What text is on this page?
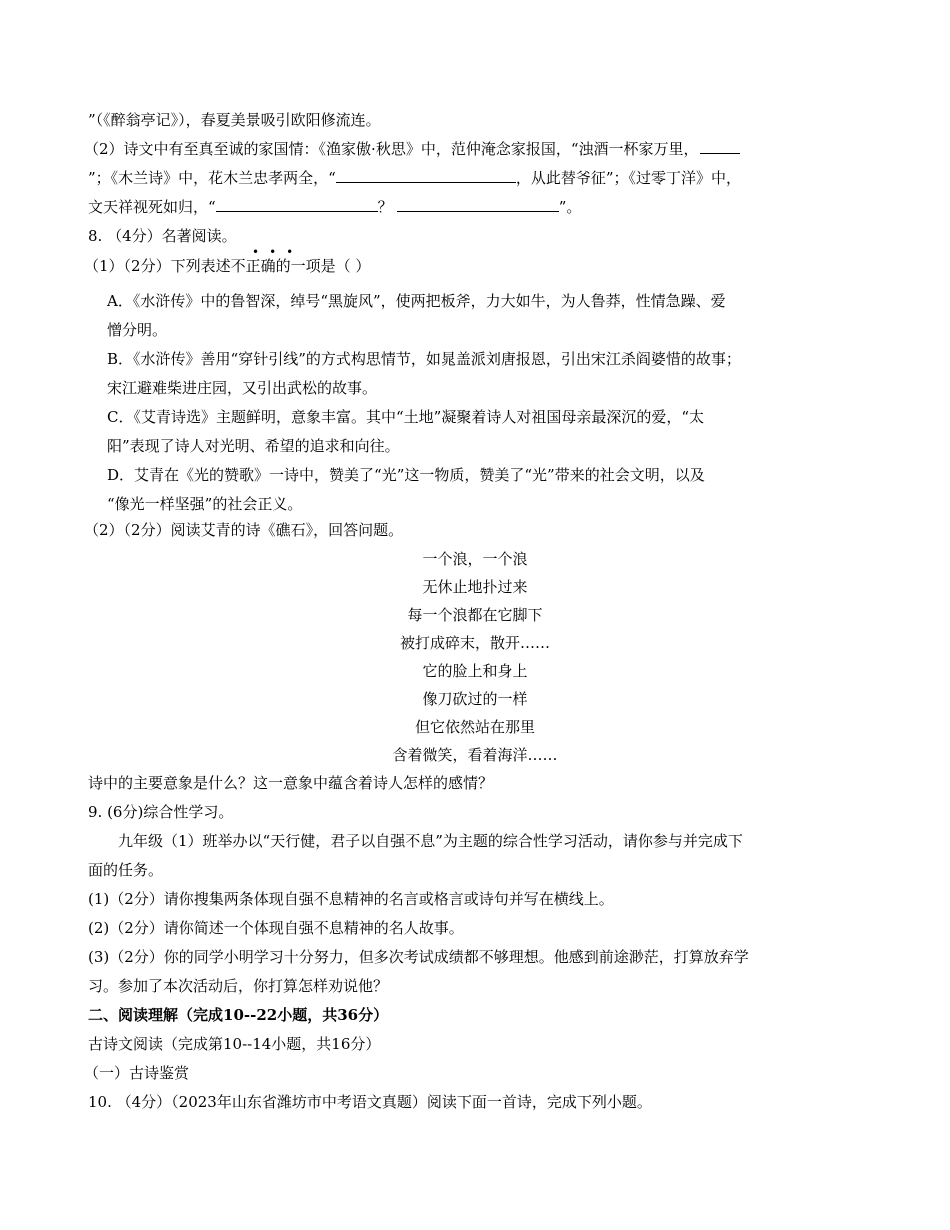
”（《醉翁亭记》），春夏美景吸引欧阳修流连。
（2）诗文中有至真至诚的家国情：《渔家傲·秋思》中，范仲淹念家报国，“浊酒一杯家万里，
”；《木兰诗》中，花木兰忠孝两全，“	，从此替爷征”；《过零丁洋》中，
文天祥视死如归，“	？	”。
8. （4分）名著阅读。
•••
（1）（2分）下列表述不正确的一项是（ ）
A．《水浒传》中的鲁智深，绰号“黑旋风”，使两把板斧，力大如牛，为人鲁莽，性情急躁、爱
憎分明。
B．《水浒传》善用“穿针引线”的方式构思情节，如晁盖派刘唐报恩，引出宋江杀阎婆惜的故事；
宋江避难柴进庄园，又引出武松的故事。
C．《艾青诗选》主题鲜明，意象丰富。其中“土地”凝聚着诗人对祖国母亲最深沉的爱，“太
阳”表现了诗人对光明、希望的追求和向往。
D．艾青在《光的赞歌》一诗中，赞美了“光”这一物质，赞美了“光”带来的社会文明，以及
“像光一样坚强”的社会正义。
（2）（2分）阅读艾青的诗《礁石》，回答问题。
一个浪，一个浪
无休止地扑过来
每一个浪都在它脚下
被打成碎末，散开……
它的脸上和身上
像刀砍过的一样
但它依然站在那里
含着微笑，看着海洋……
诗中的主要意象是什么？这一意象中蕴含着诗人怎样的感情？
9. (6分)综合性学习。
九年级（1）班举办以“天行健，君子以自强不息”为主题的综合性学习活动，请你参与并完成下
面的任务。
(1)（2分）请你搜集两条体现自强不息精神的名言或格言或诗句并写在横线上。
(2)（2分）请你简述一个体现自强不息精神的名人故事。
(3)（2分）你的同学小明学习十分努力，但多次考试成绩都不够理想。他感到前途渺茫，打算放弃学
习。参加了本次活动后，你打算怎样劝说他？
二、阅读理解（完成10--22小题，共36分）
古诗文阅读（完成第10--14小题，共16分）
（一）古诗鉴赏
10. （4分）（2023年山东省潍坊市中考语文真题）阅读下面一首诗，完成下列小题。
